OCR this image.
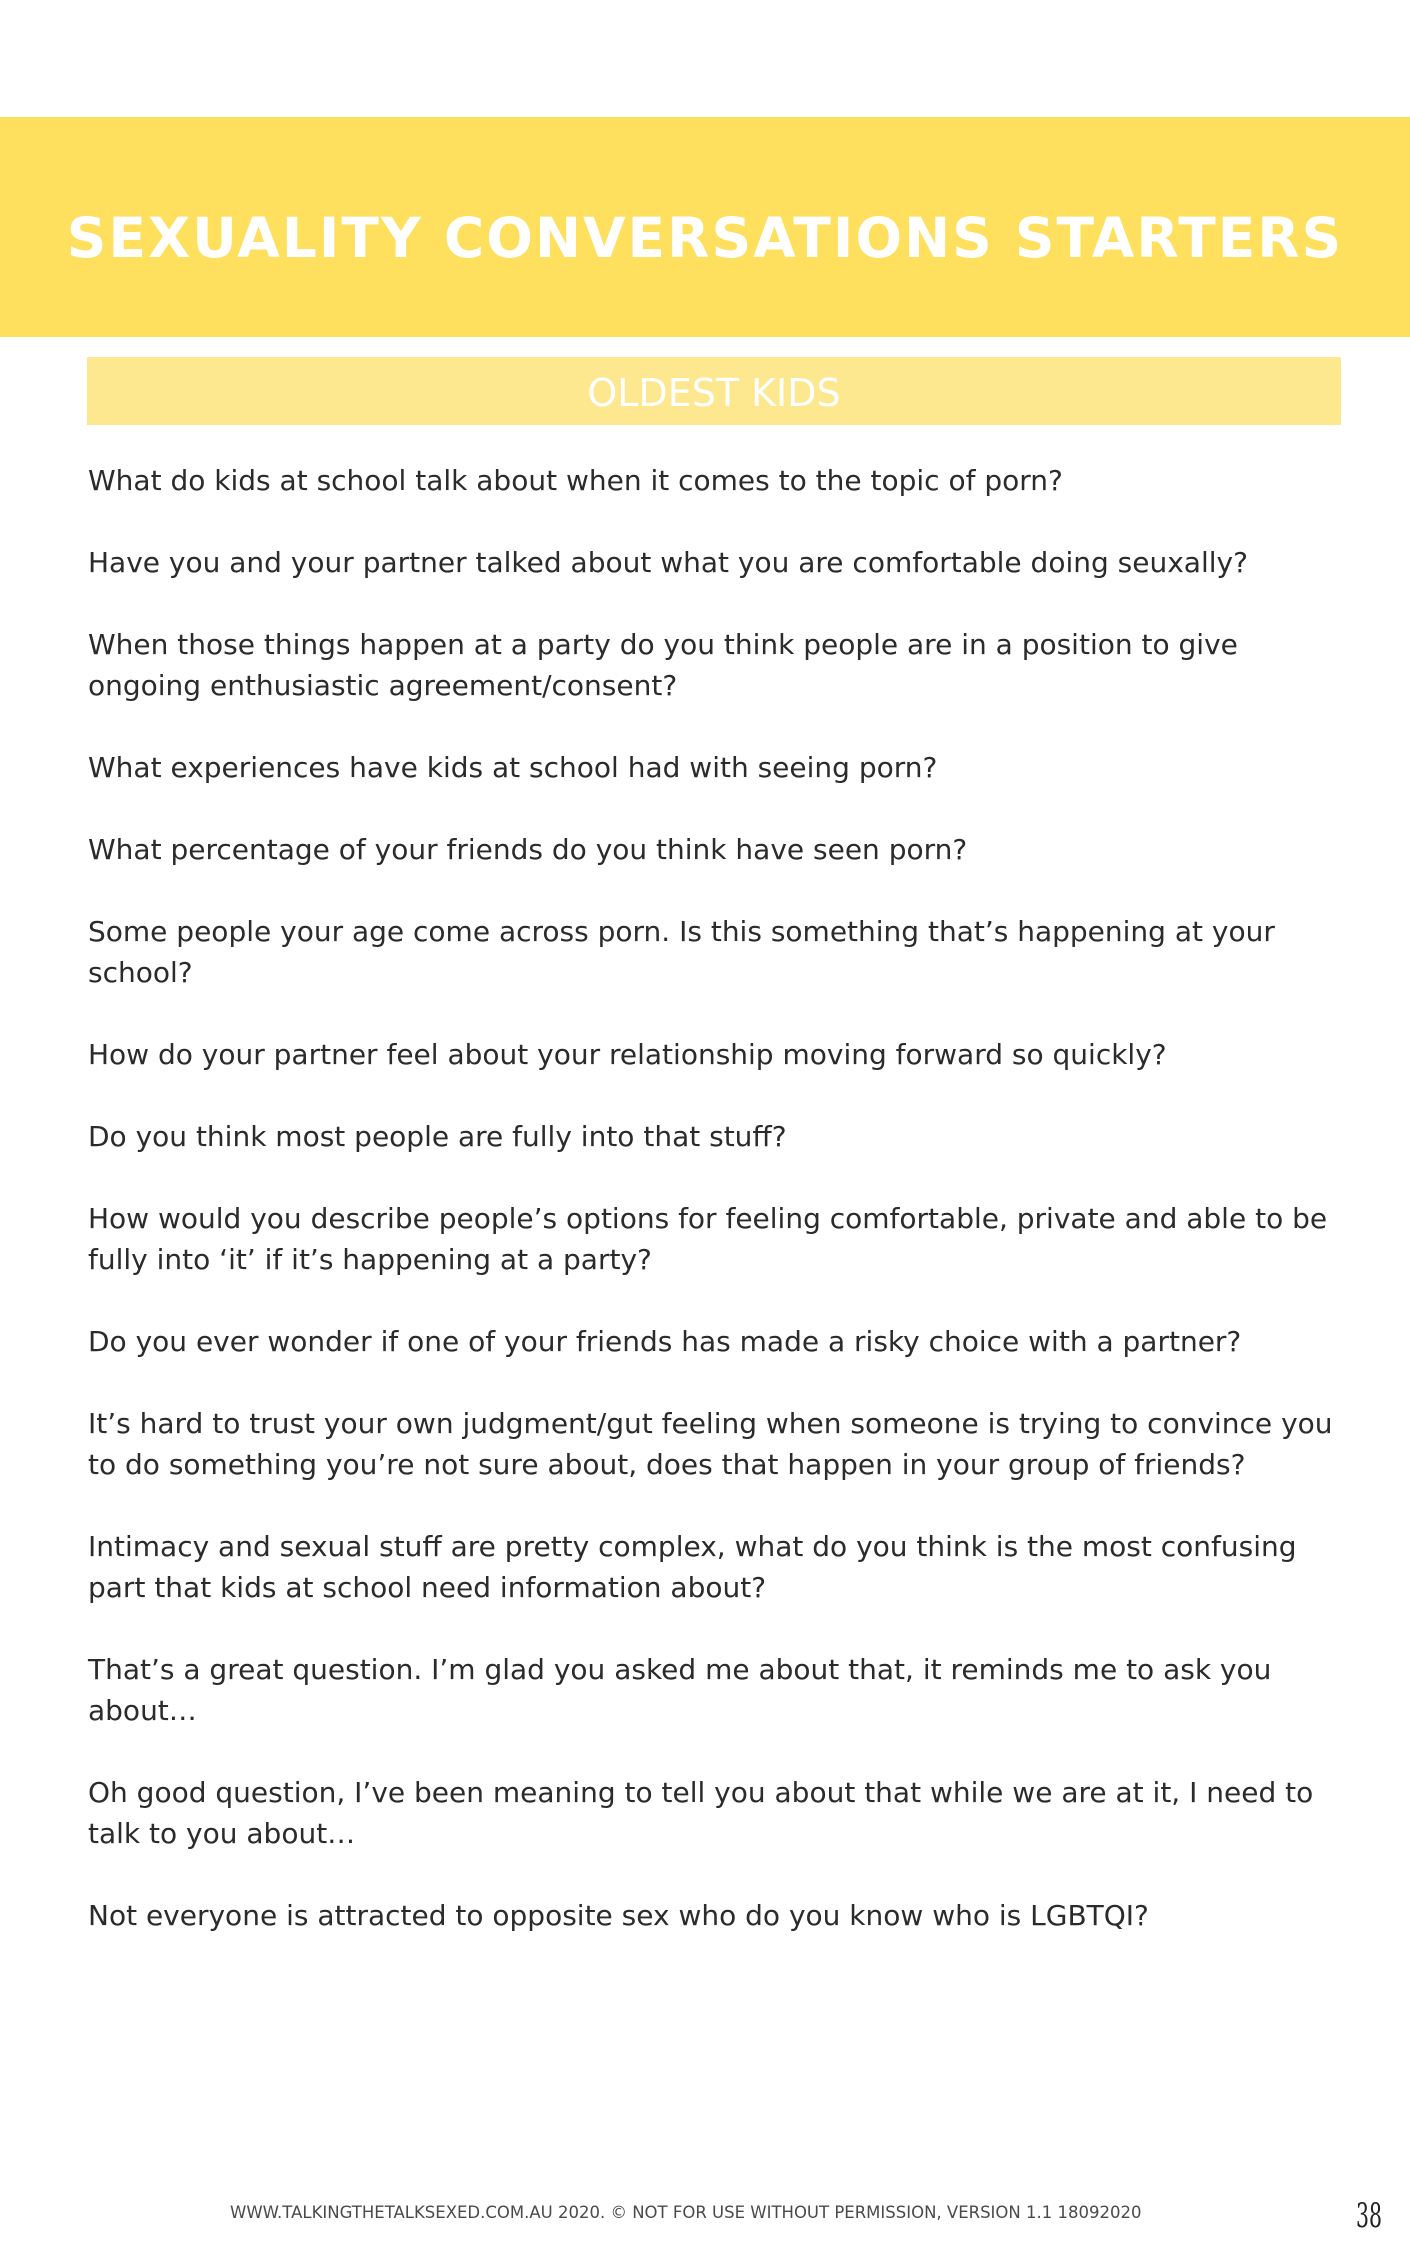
SEXUALITY CONVERSATIONS STARTERS
OLDEST KIDS
What do kids at school talk about when it comes to the topic of porn?
Have you and your partner talked about what you are comfortable doing seuxally?
When those things happen at a party do you think people are in a position to give ongoing enthusiastic agreement/consent?
What experiences have kids at school had with seeing porn?
What percentage of your friends do you think have seen porn?
Some people your age come across porn. Is this something that’s happening at your school?
How do your partner feel about your relationship moving forward so quickly?
Do you think most people are fully into that stuff?
How would you describe people’s options for feeling comfortable, private and able to be fully into ‘it’ if it’s happening at a party?
Do you ever wonder if one of your friends has made a risky choice with a partner?
It’s hard to trust your own judgment/gut feeling when someone is trying to convince you to do something you’re not sure about, does that happen in your group of friends?
Intimacy and sexual stuff are pretty complex, what do you think is the most confusing part that kids at school need information about?
That’s a great question. I’m glad you asked me about that, it reminds me to ask you about…
Oh good question, I’ve been meaning to tell you about that while we are at it, I need to talk to you about…
Not everyone is attracted to opposite sex who do you know who is LGBTQI?
WWW.TALKINGTHETALKSEXED.COM.AU 2020. © NOT FOR USE WITHOUT PERMISSION, VERSION 1.1 18092020	38
